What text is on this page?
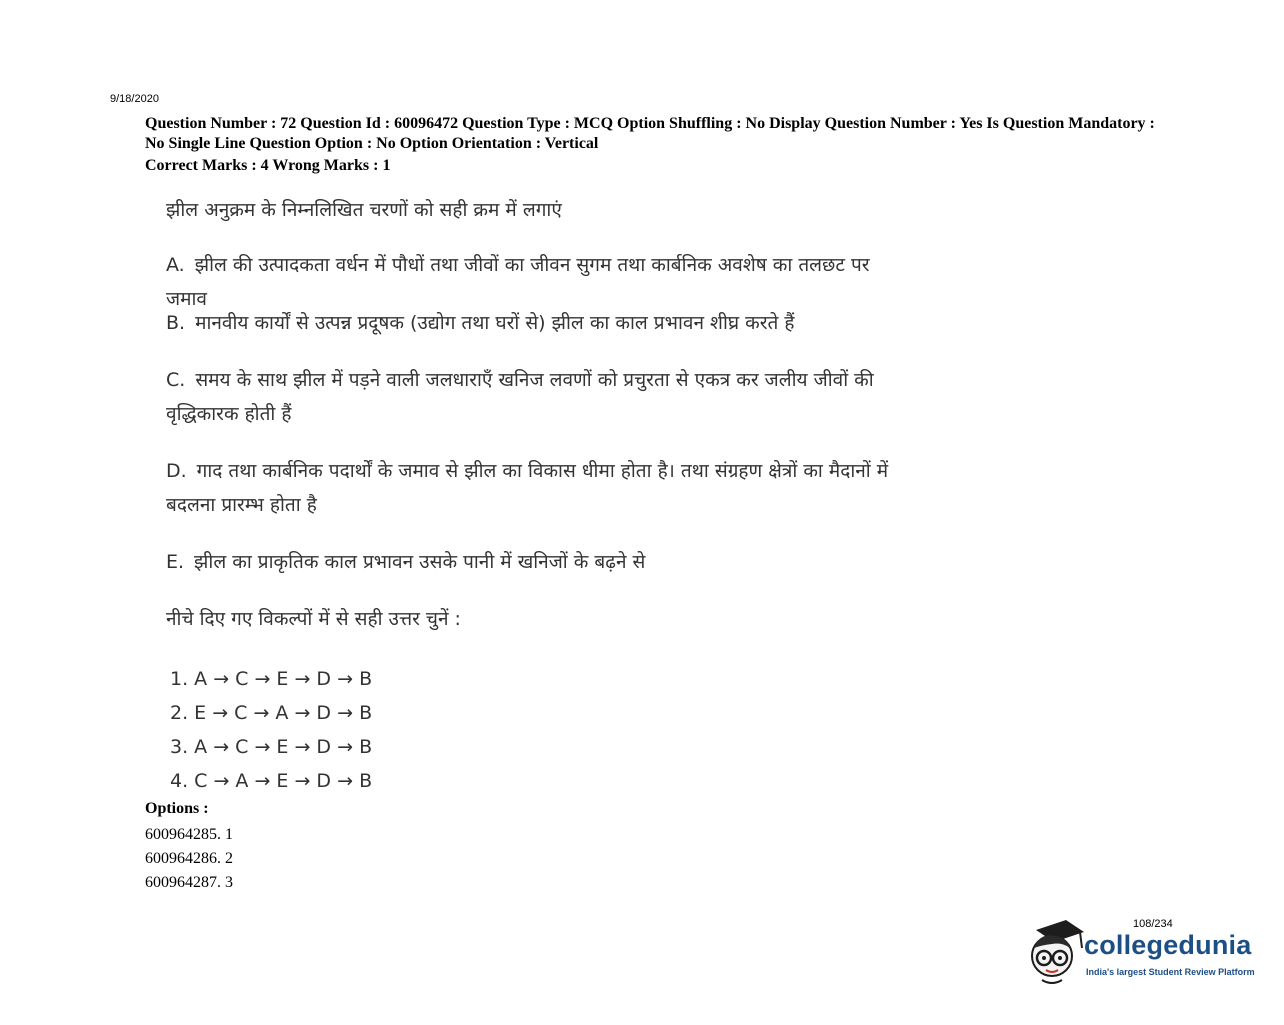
9/18/2020
Question Number : 72 Question Id : 60096472 Question Type : MCQ Option Shuffling : No Display Question Number : Yes Is Question Mandatory : No Single Line Question Option : No Option Orientation : Vertical
Correct Marks : 4 Wrong Marks : 1
झील अनुक्रम के निम्नलिखित चरणों को सही क्रम में लगाएं
A. झील की उत्पादकता वर्धन में पौधों तथा जीवों का जीवन सुगम तथा कार्बनिक अवशेष का तलछट पर जमाव
B. मानवीय कार्यों से उत्पन्न प्रदूषक (उद्योग तथा घरों से) झील का काल प्रभावन शीघ्र करते हैं
C. समय के साथ झील में पड़ने वाली जलधाराएँ खनिज लवणों को प्रचुरता से एकत्र कर जलीय जीवों की वृद्धिकारक होती हैं
D. गाद तथा कार्बनिक पदार्थों के जमाव से झील का विकास धीमा होता है। तथा संग्रहण क्षेत्रों का मैदानों में बदलना प्रारम्भ होता है
E. झील का प्राकृतिक काल प्रभावन उसके पानी में खनिजों के बढ़ने से
नीचे दिए गए विकल्पों में से सही उत्तर चुनें :
1. A → C → E → D → B
2. E → C → A → D → B
3. A → C → E → D → B
4. C → A → E → D → B
Options :
600964285. 1
600964286. 2
600964287. 3
108/234
collegedunia
India's largest Student Review Platform
